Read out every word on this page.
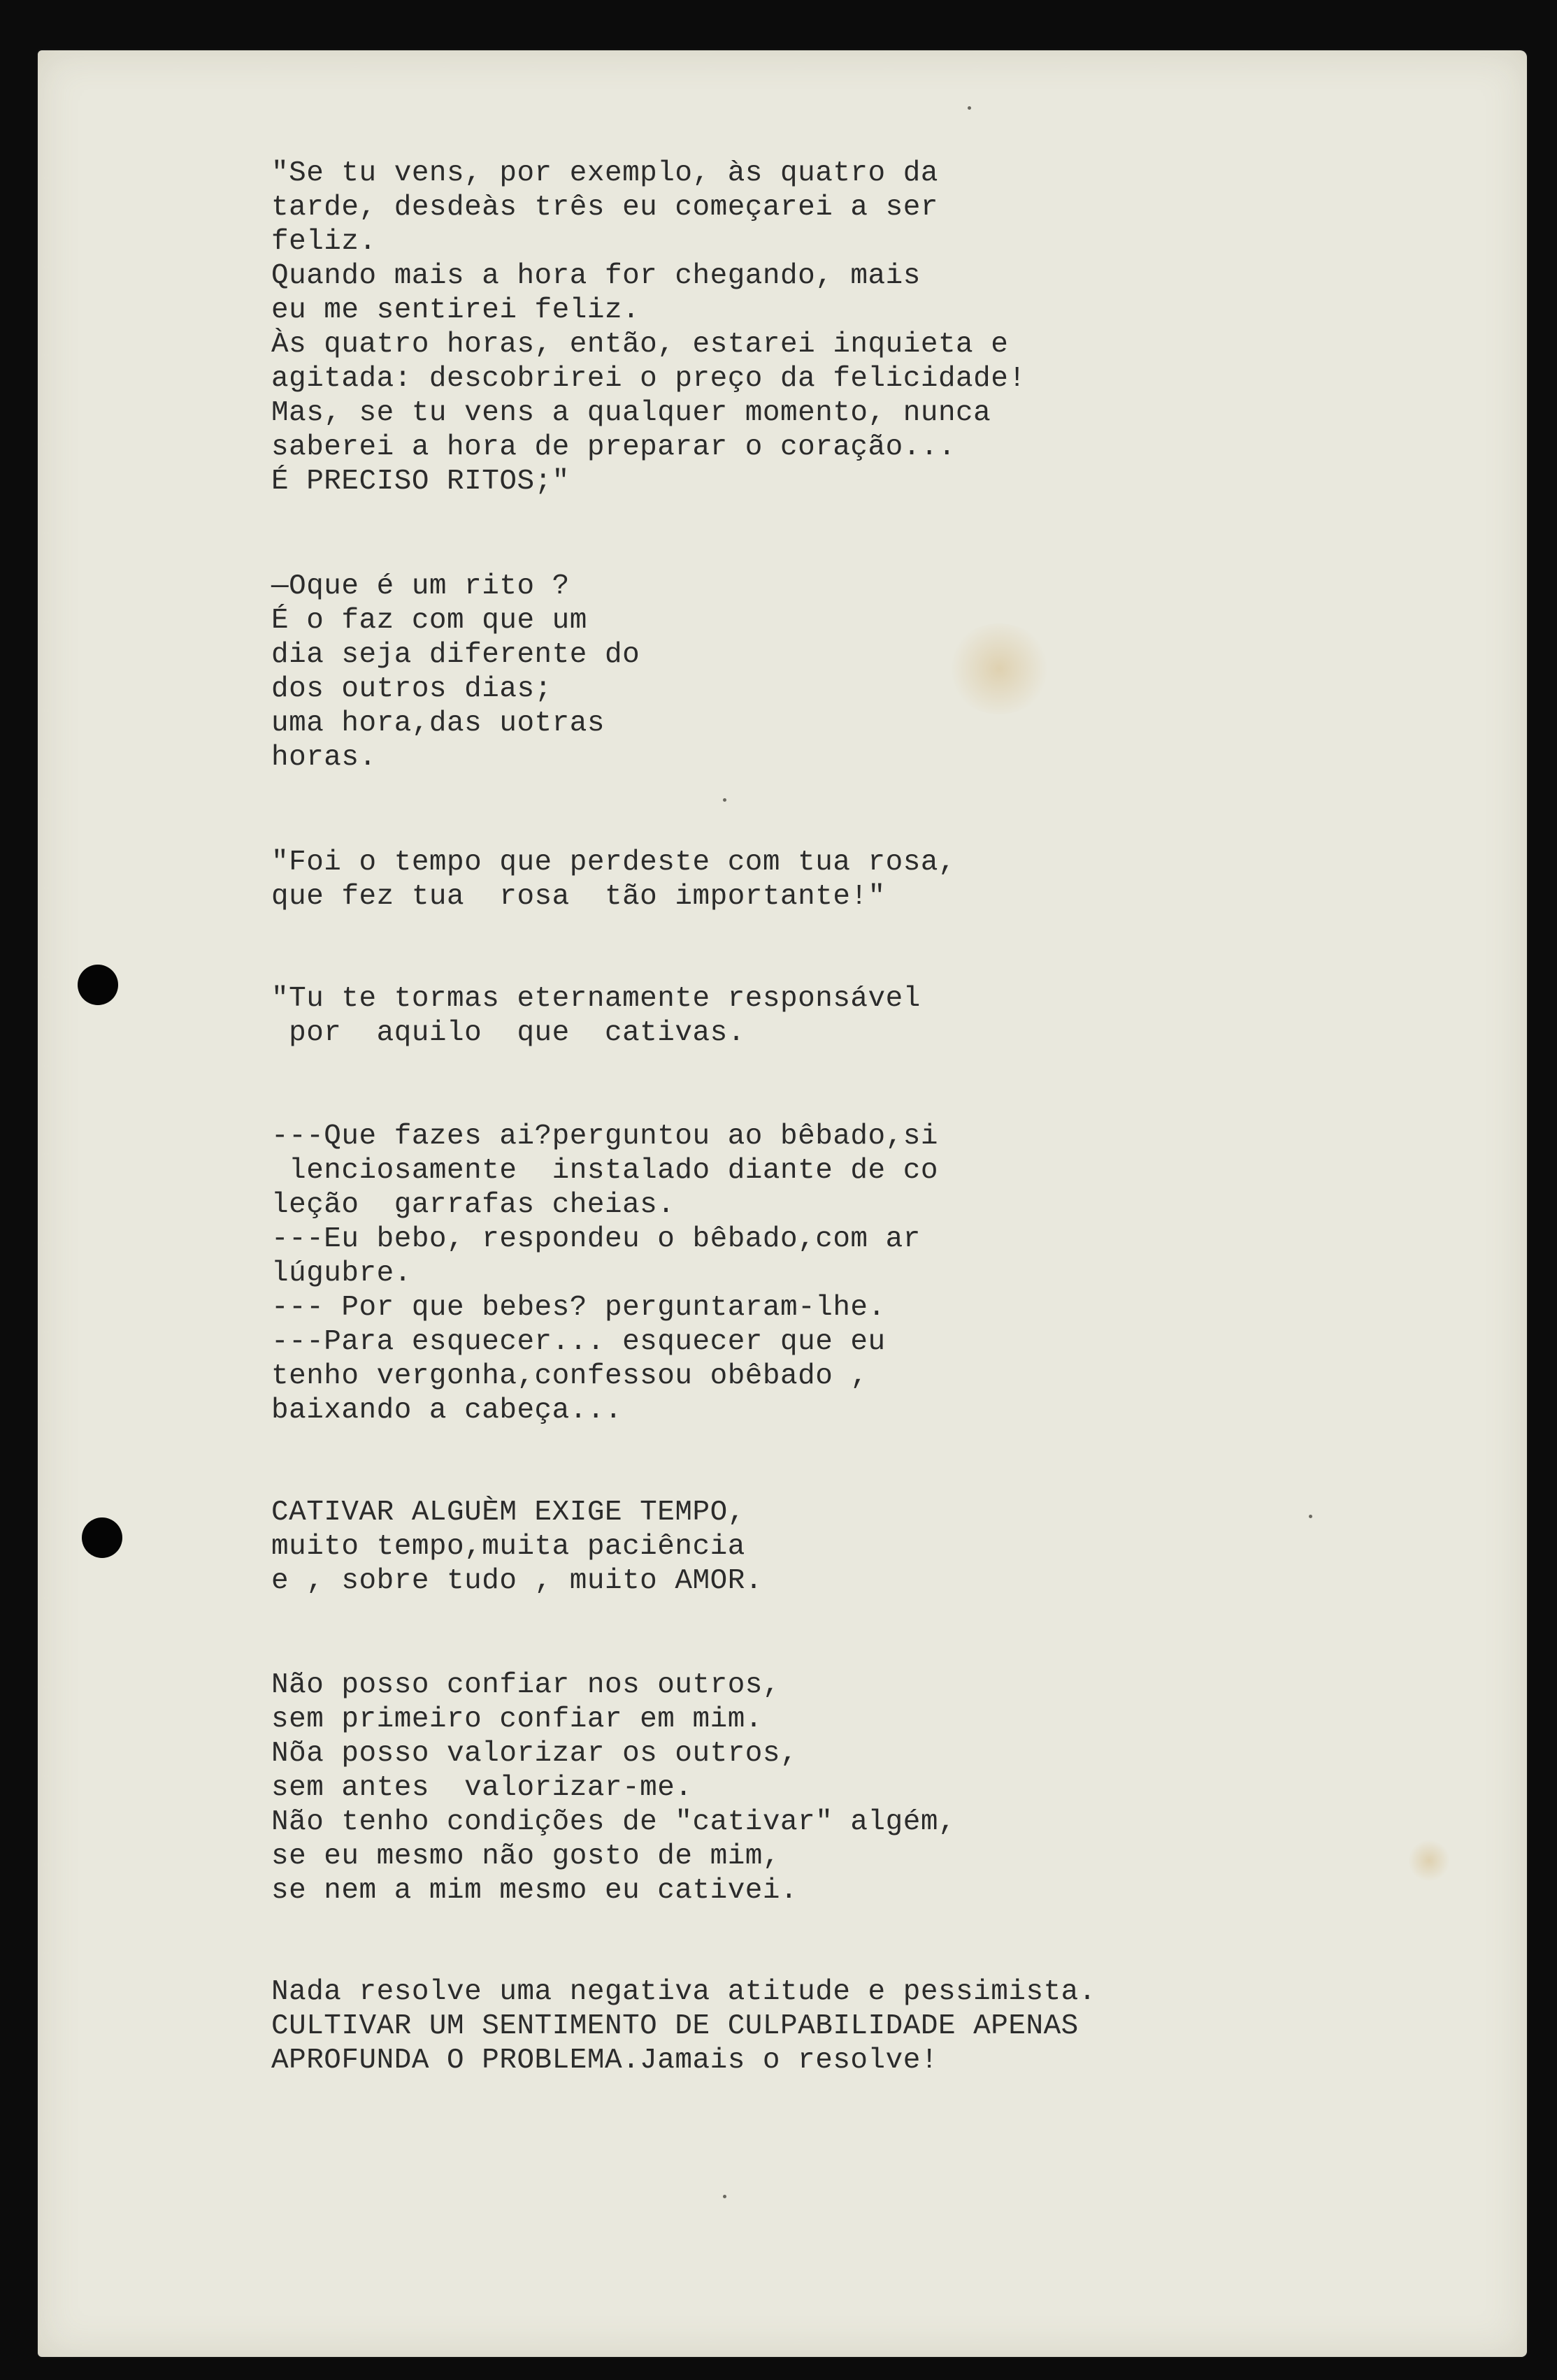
"Se tu vens, por exemplo, às quatro da
tarde, desdeàs três eu começarei a ser
feliz.
Quando mais a hora for chegando, mais
eu me sentirei feliz.
Às quatro horas, então, estarei inquieta e
agitada: descobrirei o preço da felicidade!
Mas, se tu vens a qualquer momento, nunca
saberei a hora de preparar o coração...
É PRECISO RITOS;"
—Oque é um rito ?
É o faz com que um
dia seja diferente do
dos outros dias;
uma hora,das uotras
horas.
"Foi o tempo que perdeste com tua rosa,
que fez tua  rosa  tão importante!"
"Tu te tormas eternamente responsável
por  aquilo  que  cativas.
---Que fazes ai?perguntou ao bêbado,si
lenciosamente  instalado diante de co
leção  garrafas cheias.
---Eu bebo, respondeu o bêbado,com ar
lúgubre.
--- Por que bebes? perguntaram-lhe.
---Para esquecer... esquecer que eu
tenho vergonha,confessou obêbado ,
baixando a cabeça...
CATIVAR ALGUÈM EXIGE TEMPO,
muito tempo,muita paciência
e , sobre tudo , muito AMOR.
Não posso confiar nos outros,
sem primeiro confiar em mim.
Nõa posso valorizar os outros,
sem antes  valorizar-me.
Não tenho condições de "cativar" algém,
se eu mesmo não gosto de mim,
se nem a mim mesmo eu cativei.
Nada resolve uma negativa atitude e pessimista.
CULTIVAR UM SENTIMENTO DE CULPABILIDADE APENAS
APROFUNDA O PROBLEMA.Jamais o resolve!
